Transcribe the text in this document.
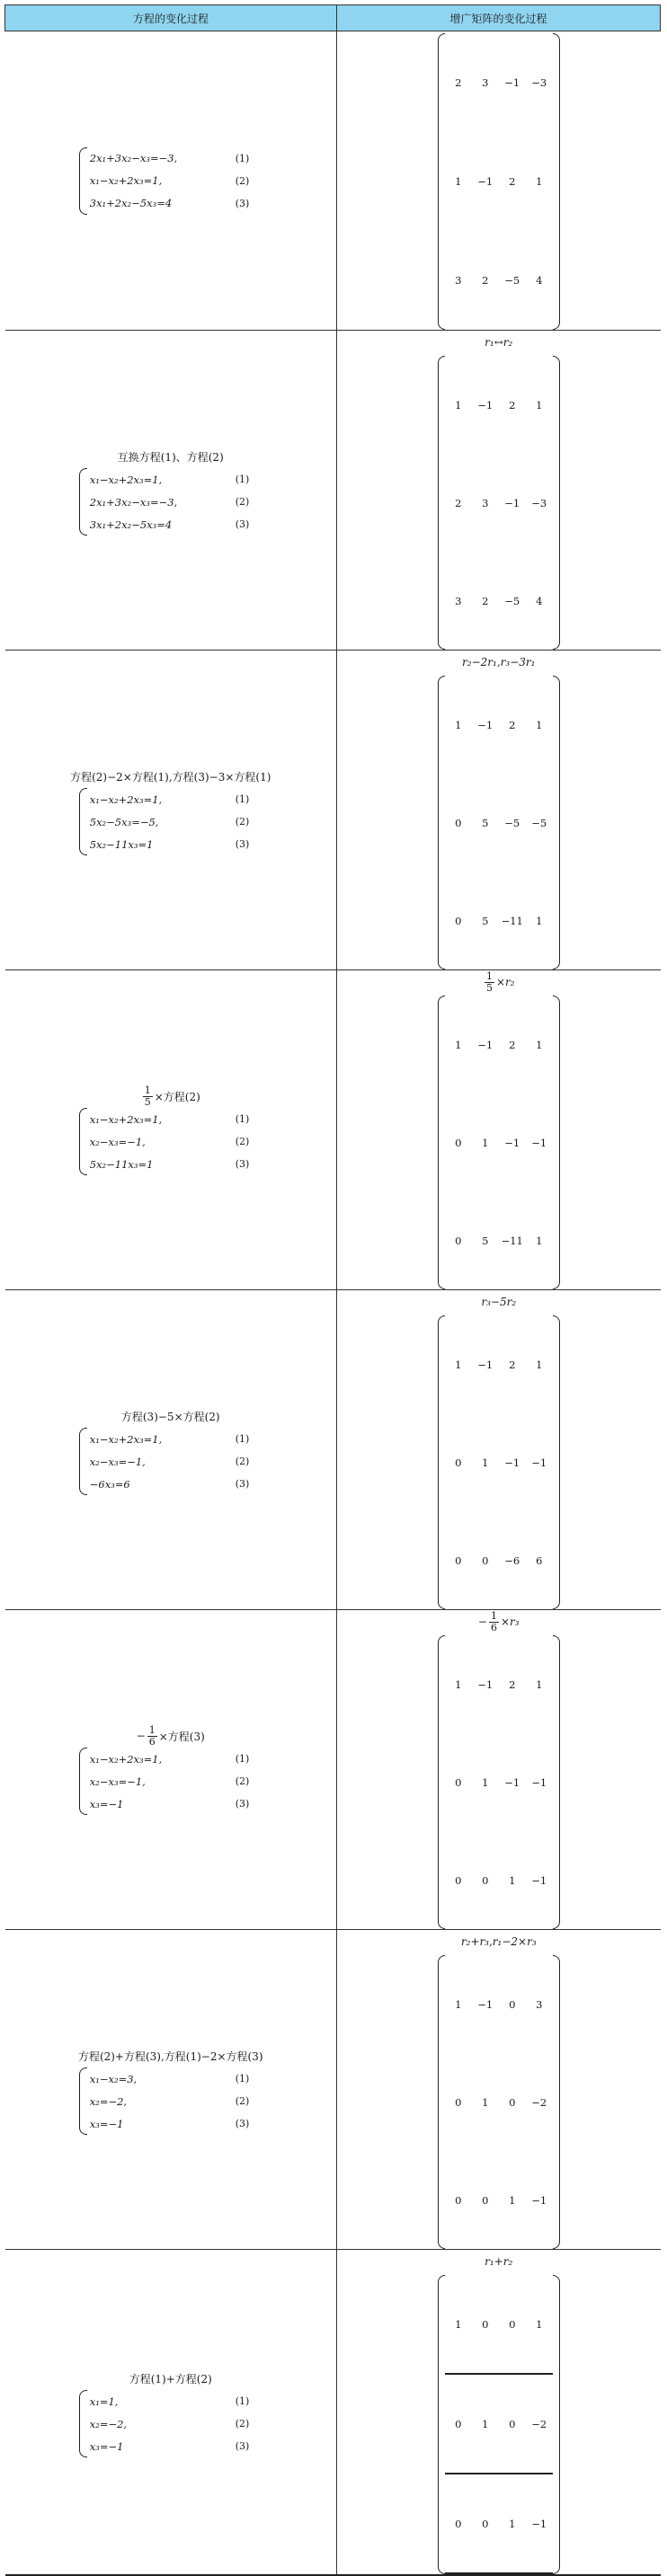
方程的变化过程	增广矩阵的变化过程

2x₁+3x₂−x₃=−3,	(1)
x₁−x₂+2x₃=1,	(2)
3x₁+2x₂−5x₃=4	(3)

2	3	−1	−3
1	−1	2	1
3	2	−5	4

互换方程(1)、方程(2)
x₁−x₂+2x₃=1,	(1)
2x₁+3x₂−x₃=−3,	(2)
3x₁+2x₂−5x₃=4	(3)

r₁↔r₂
1	−1	2	1
2	3	−1	−3
3	2	−5	4

方程(2)−2×方程(1),方程(3)−3×方程(1)
x₁−x₂+2x₃=1,	(1)
5x₂−5x₃=−5,	(2)
5x₂−11x₃=1	(3)

r₂−2r₁,r₃−3r₁
1	−1	2	1
0	5	−5	−5
0	5	−11	1

$\frac{1}{5}$ ×方程(2)
x₁−x₂+2x₃=1,	(1)
x₂−x₃=−1,	(2)
5x₂−11x₃=1	(3)

$\frac{1}{5} \times r_2$
1	−1	2	1
0	1	−1	−1
0	5	−11	1

方程(3)−5×方程(2)
x₁−x₂+2x₃=1,	(1)
x₂−x₃=−1,	(2)
−6x₃=6	(3)

r₃−5r₂
1	−1	2	1
0	1	−1	−1
0	0	−6	6

− $\frac{1}{6}$ ×方程(3)
x₁−x₂+2x₃=1,	(1)
x₂−x₃=−1,	(2)
x₃=−1	(3)

− $\frac{1}{6} \times r_3$
1	−1	2	1
0	1	−1	−1
0	0	1	−1

方程(2)+方程(3),方程(1)−2×方程(3)
x₁−x₂=3,	(1)
x₂=−2,	(2)
x₃=−1	(3)

r₂+r₃,r₁−2×r₃
1	−1	0	3
0	1	0	−2
0	0	1	−1

方程(1)+方程(2)
x₁=1,	(1)
x₂=−2,	(2)
x₃=−1	(3)

r₁+r₂
1	0	0	1
0	1	0	−2
0	0	1	−1
